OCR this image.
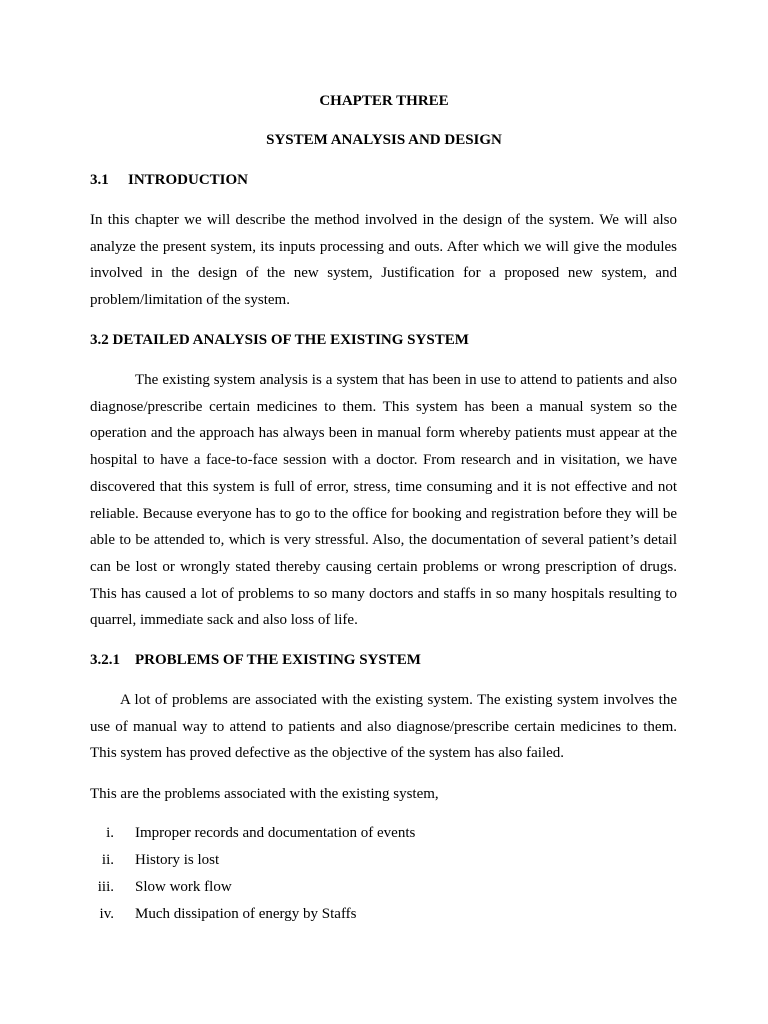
CHAPTER THREE
SYSTEM ANALYSIS AND DESIGN
3.1 INTRODUCTION

In this chapter we will describe the method involved in the design of the system. We will also analyze the present system, its inputs processing and outs. After which we will give the modules involved in the design of the new system, Justification for a proposed new system, and problem/limitation of the system.

3.2 DETAILED ANALYSIS OF THE EXISTING SYSTEM

The existing system analysis is a system that has been in use to attend to patients and also diagnose/prescribe certain medicines to them. This system has been a manual system so the operation and the approach has always been in manual form whereby patients must appear at the hospital to have a face-to-face session with a doctor. From research and in visitation, we have discovered that this system is full of error, stress, time consuming and it is not effective and not reliable. Because everyone has to go to the office for booking and registration before they will be able to be attended to, which is very stressful. Also, the documentation of several patient’s detail can be lost or wrongly stated thereby causing certain problems or wrong prescription of drugs. This has caused a lot of problems to so many doctors and staffs in so many hospitals resulting to quarrel, immediate sack and also loss of life.

3.2.1 PROBLEMS OF THE EXISTING SYSTEM

A lot of problems are associated with the existing system. The existing system involves the use of manual way to attend to patients and also diagnose/prescribe certain medicines to them. This system has proved defective as the objective of the system has also failed.

This are the problems associated with the existing system,
i. Improper records and documentation of events
ii. History is lost
iii. Slow work flow
iv. Much dissipation of energy by Staffs
